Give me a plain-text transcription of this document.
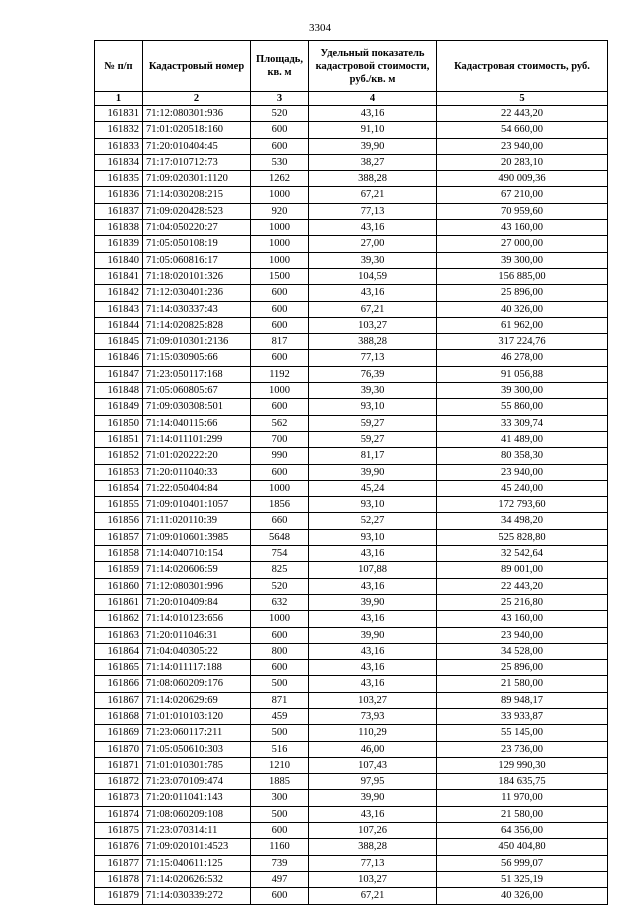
3304
№ п/п	Кадастровый номер	Площадь, кв. м	Удельный показатель кадастровой стоимости, руб./кв. м	Кадастровая стоимость, руб.
1	2	3	4	5
161831	71:12:080301:936	520	43,16	22 443,20
161832	71:01:020518:160	600	91,10	54 660,00
161833	71:20:010404:45	600	39,90	23 940,00
161834	71:17:010712:73	530	38,27	20 283,10
161835	71:09:020301:1120	1262	388,28	490 009,36
161836	71:14:030208:215	1000	67,21	67 210,00
161837	71:09:020428:523	920	77,13	70 959,60
161838	71:04:050220:27	1000	43,16	43 160,00
161839	71:05:050108:19	1000	27,00	27 000,00
161840	71:05:060816:17	1000	39,30	39 300,00
161841	71:18:020101:326	1500	104,59	156 885,00
161842	71:12:030401:236	600	43,16	25 896,00
161843	71:14:030337:43	600	67,21	40 326,00
161844	71:14:020825:828	600	103,27	61 962,00
161845	71:09:010301:2136	817	388,28	317 224,76
161846	71:15:030905:66	600	77,13	46 278,00
161847	71:23:050117:168	1192	76,39	91 056,88
161848	71:05:060805:67	1000	39,30	39 300,00
161849	71:09:030308:501	600	93,10	55 860,00
161850	71:14:040115:66	562	59,27	33 309,74
161851	71:14:011101:299	700	59,27	41 489,00
161852	71:01:020222:20	990	81,17	80 358,30
161853	71:20:011040:33	600	39,90	23 940,00
161854	71:22:050404:84	1000	45,24	45 240,00
161855	71:09:010401:1057	1856	93,10	172 793,60
161856	71:11:020110:39	660	52,27	34 498,20
161857	71:09:010601:3985	5648	93,10	525 828,80
161858	71:14:040710:154	754	43,16	32 542,64
161859	71:14:020606:59	825	107,88	89 001,00
161860	71:12:080301:996	520	43,16	22 443,20
161861	71:20:010409:84	632	39,90	25 216,80
161862	71:14:010123:656	1000	43,16	43 160,00
161863	71:20:011046:31	600	39,90	23 940,00
161864	71:04:040305:22	800	43,16	34 528,00
161865	71:14:011117:188	600	43,16	25 896,00
161866	71:08:060209:176	500	43,16	21 580,00
161867	71:14:020629:69	871	103,27	89 948,17
161868	71:01:010103:120	459	73,93	33 933,87
161869	71:23:060117:211	500	110,29	55 145,00
161870	71:05:050610:303	516	46,00	23 736,00
161871	71:01:010301:785	1210	107,43	129 990,30
161872	71:23:070109:474	1885	97,95	184 635,75
161873	71:20:011041:143	300	39,90	11 970,00
161874	71:08:060209:108	500	43,16	21 580,00
161875	71:23:070314:11	600	107,26	64 356,00
161876	71:09:020101:4523	1160	388,28	450 404,80
161877	71:15:040611:125	739	77,13	56 999,07
161878	71:14:020626:532	497	103,27	51 325,19
161879	71:14:030339:272	600	67,21	40 326,00
